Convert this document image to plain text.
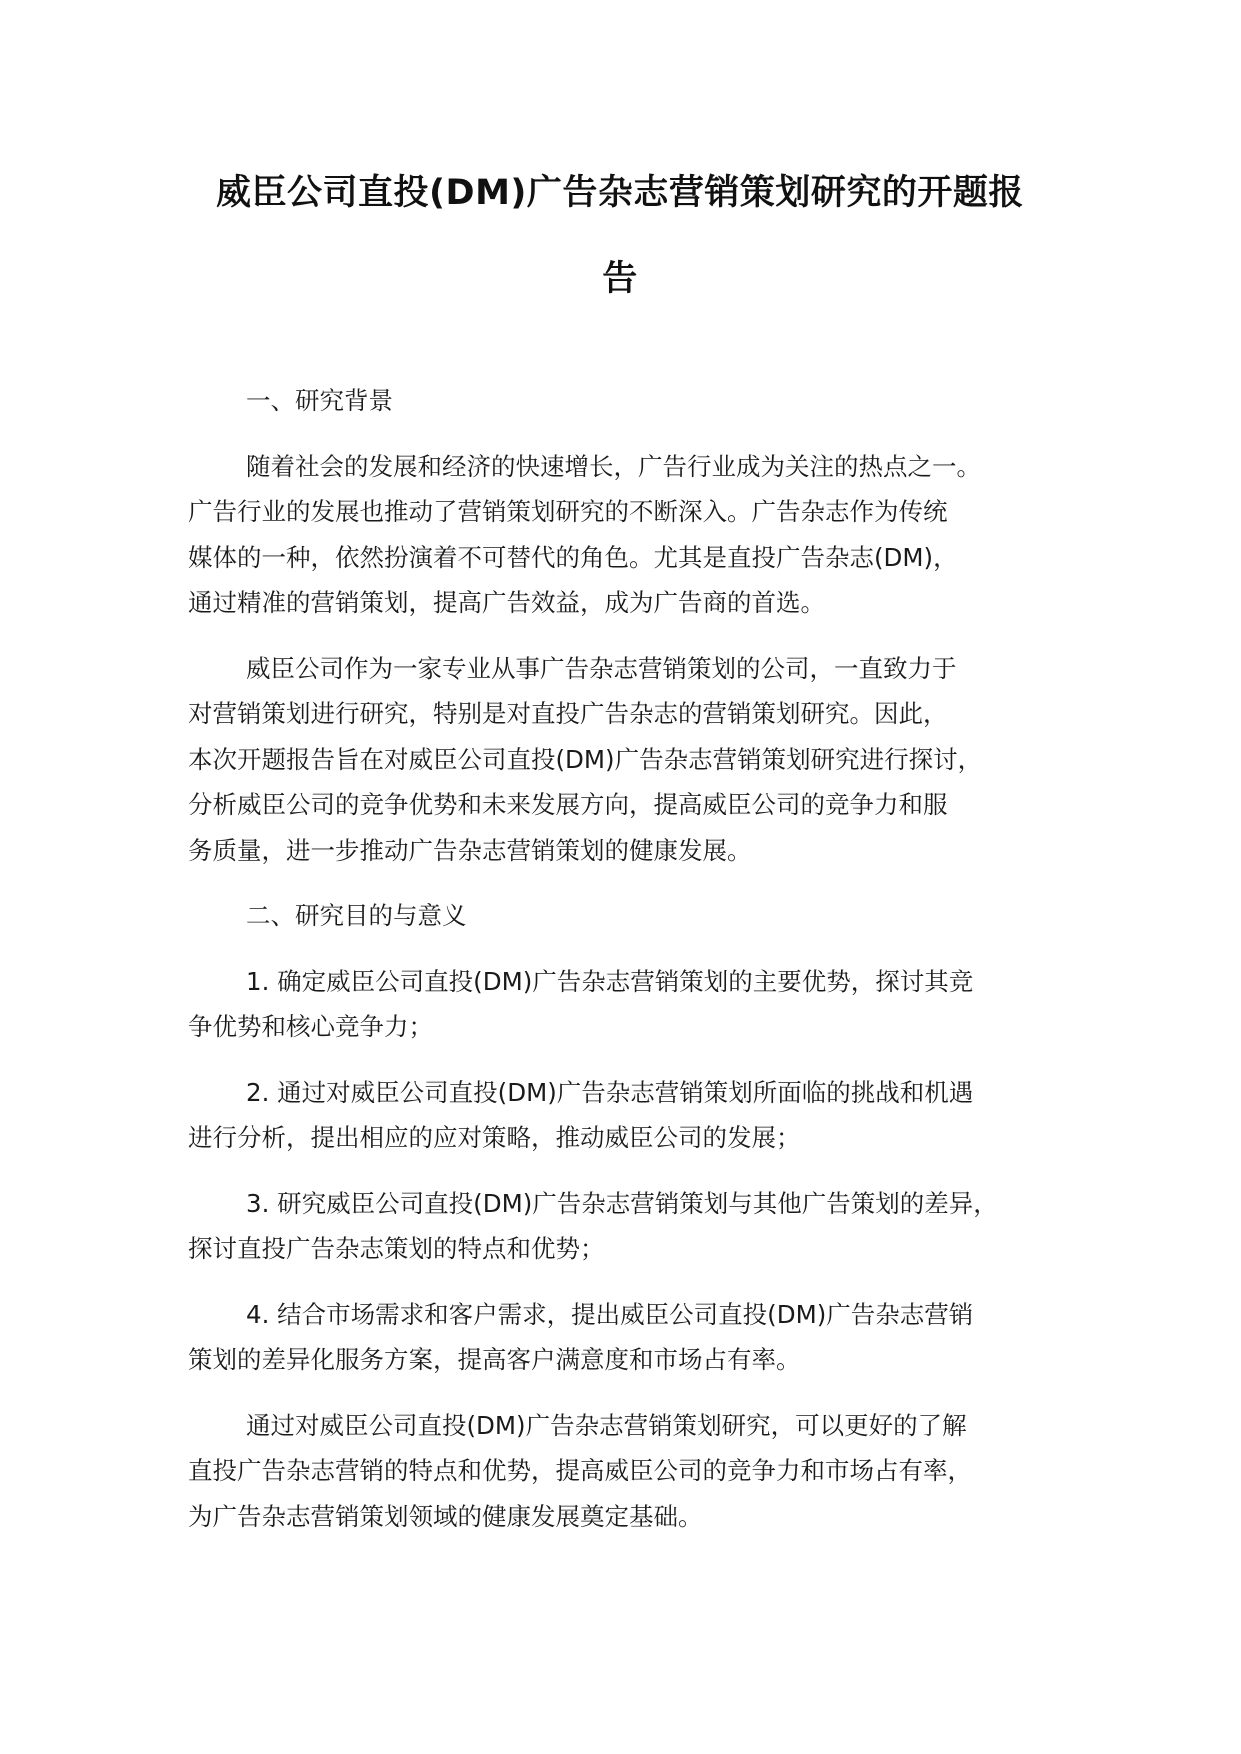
威臣公司直投(DM)广告杂志营销策划研究的开题报
告
一、研究背景
随着社会的发展和经济的快速增长，广告行业成为关注的热点之一。
广告行业的发展也推动了营销策划研究的不断深入。广告杂志作为传统
媒体的一种，依然扮演着不可替代的角色。尤其是直投广告杂志(DM)，
通过精准的营销策划，提高广告效益，成为广告商的首选。
威臣公司作为一家专业从事广告杂志营销策划的公司，一直致力于
对营销策划进行研究，特别是对直投广告杂志的营销策划研究。因此，
本次开题报告旨在对威臣公司直投(DM)广告杂志营销策划研究进行探讨，
分析威臣公司的竞争优势和未来发展方向，提高威臣公司的竞争力和服
务质量，进一步推动广告杂志营销策划的健康发展。
二、研究目的与意义
1. 确定威臣公司直投(DM)广告杂志营销策划的主要优势，探讨其竞
争优势和核心竞争力；
2. 通过对威臣公司直投(DM)广告杂志营销策划所面临的挑战和机遇
进行分析，提出相应的应对策略，推动威臣公司的发展；
3. 研究威臣公司直投(DM)广告杂志营销策划与其他广告策划的差异，
探讨直投广告杂志策划的特点和优势；
4. 结合市场需求和客户需求，提出威臣公司直投(DM)广告杂志营销
策划的差异化服务方案，提高客户满意度和市场占有率。
通过对威臣公司直投(DM)广告杂志营销策划研究，可以更好的了解
直投广告杂志营销的特点和优势，提高威臣公司的竞争力和市场占有率，
为广告杂志营销策划领域的健康发展奠定基础。
